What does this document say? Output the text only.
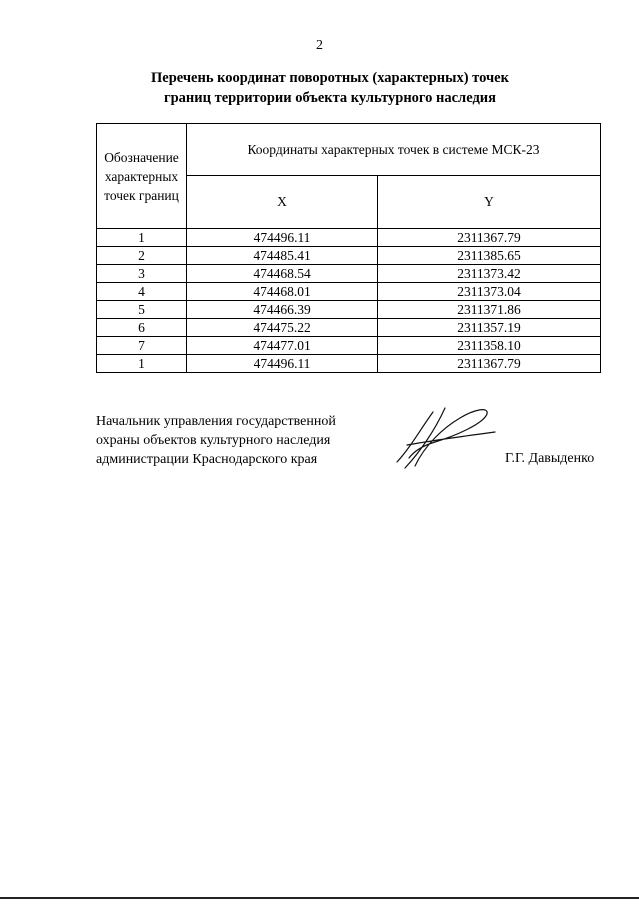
2
Перечень координат поворотных (характерных) точек
границ территории объекта культурного наследия
Обозначение характерных точек границ	Координаты характерных точек в системе МСК-23	
	X	Y
1	474496.11	2311367.79
2	474485.41	2311385.65
3	474468.54	2311373.42
4	474468.01	2311373.04
5	474466.39	2311371.86
6	474475.22	2311357.19
7	474477.01	2311358.10
1	474496.11	2311367.79
Начальник управления государственной
охраны объектов культурного наследия
администрации Краснодарского края	Г.Г. Давыденко
